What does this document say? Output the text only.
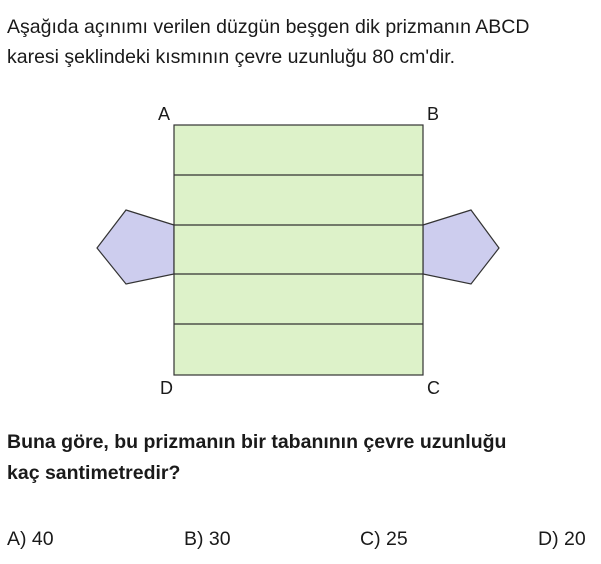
Aşağıda açınımı verilen düzgün beşgen dik prizmanın ABCD
karesi şeklindeki kısmının çevre uzunluğu 80 cm'dir.

A	B
D	C

Buna göre, bu prizmanın bir tabanının çevre uzunluğu
kaç santimetredir?

A) 40	B) 30	C) 25	D) 20
